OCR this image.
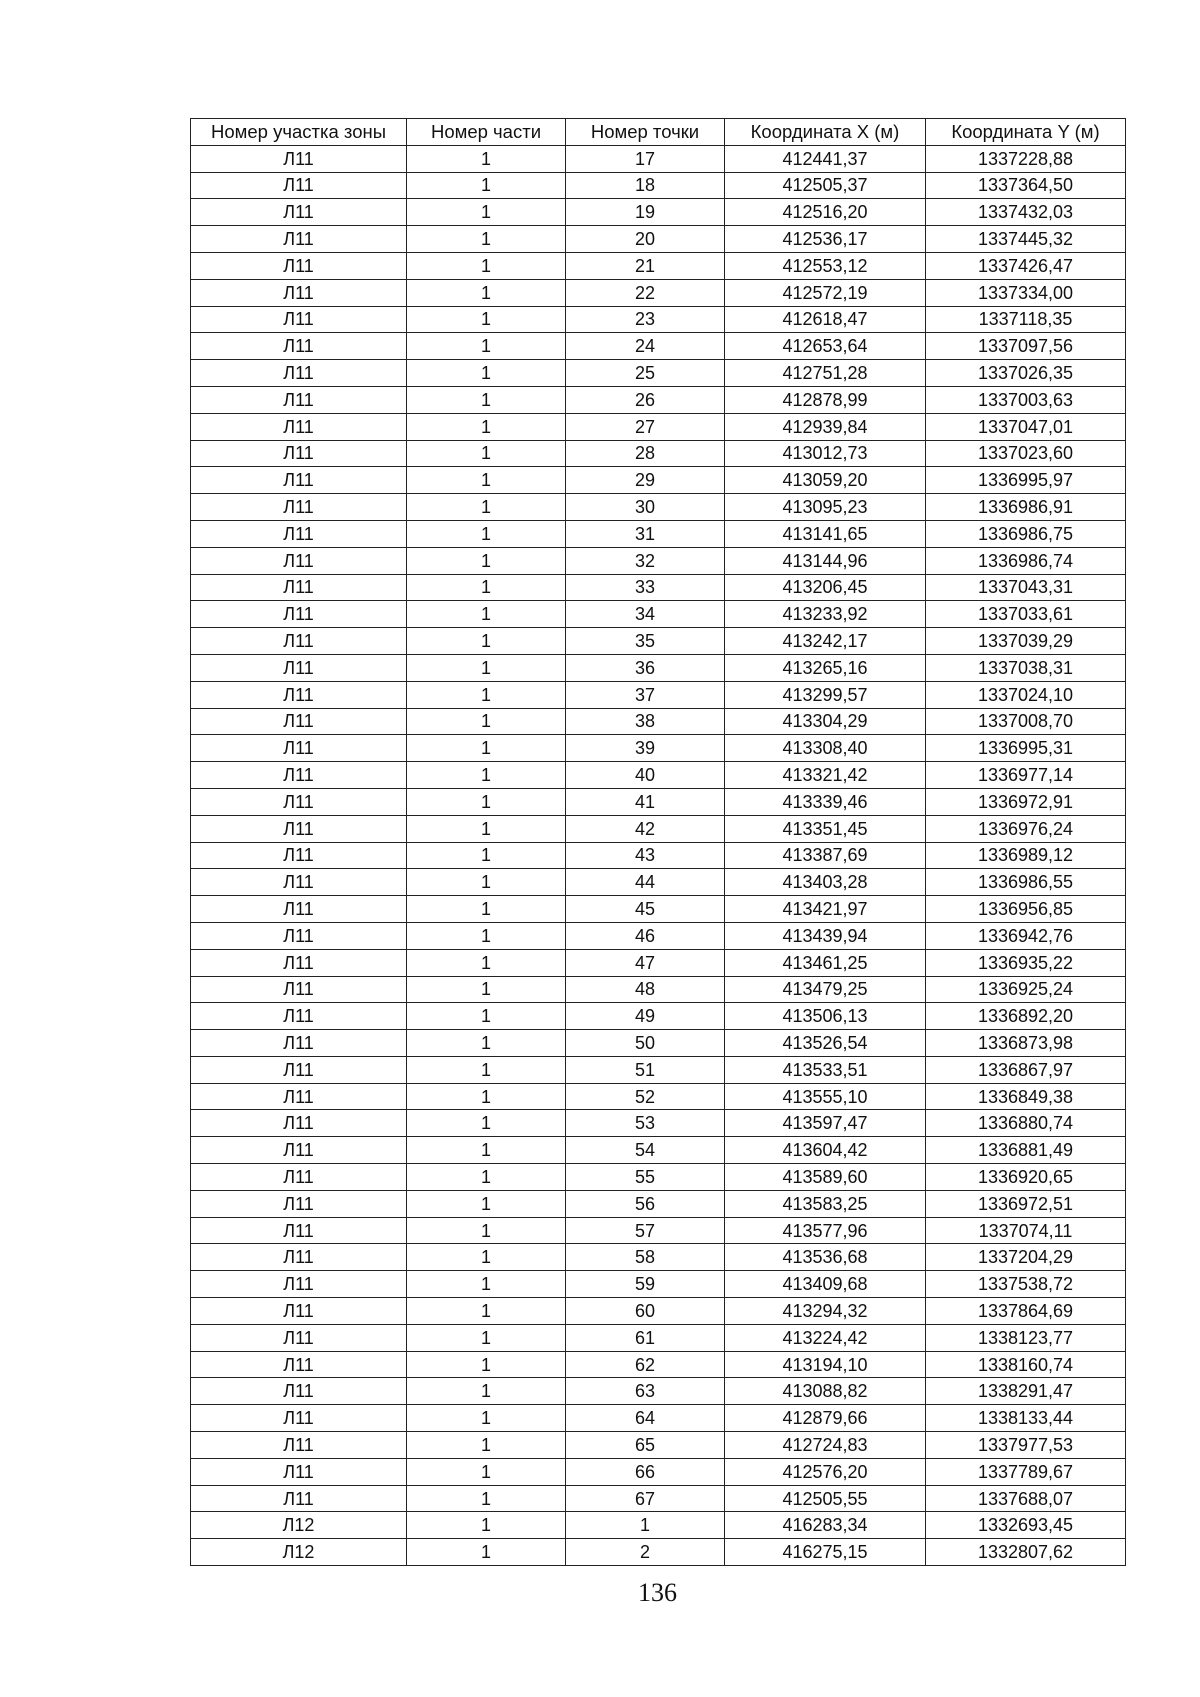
Номер участка зоны	Номер части	Номер точки	Координата X (м)	Координата Y (м)
Л11	1	17	412441,37	1337228,88
Л11	1	18	412505,37	1337364,50
Л11	1	19	412516,20	1337432,03
Л11	1	20	412536,17	1337445,32
Л11	1	21	412553,12	1337426,47
Л11	1	22	412572,19	1337334,00
Л11	1	23	412618,47	1337118,35
Л11	1	24	412653,64	1337097,56
Л11	1	25	412751,28	1337026,35
Л11	1	26	412878,99	1337003,63
Л11	1	27	412939,84	1337047,01
Л11	1	28	413012,73	1337023,60
Л11	1	29	413059,20	1336995,97
Л11	1	30	413095,23	1336986,91
Л11	1	31	413141,65	1336986,75
Л11	1	32	413144,96	1336986,74
Л11	1	33	413206,45	1337043,31
Л11	1	34	413233,92	1337033,61
Л11	1	35	413242,17	1337039,29
Л11	1	36	413265,16	1337038,31
Л11	1	37	413299,57	1337024,10
Л11	1	38	413304,29	1337008,70
Л11	1	39	413308,40	1336995,31
Л11	1	40	413321,42	1336977,14
Л11	1	41	413339,46	1336972,91
Л11	1	42	413351,45	1336976,24
Л11	1	43	413387,69	1336989,12
Л11	1	44	413403,28	1336986,55
Л11	1	45	413421,97	1336956,85
Л11	1	46	413439,94	1336942,76
Л11	1	47	413461,25	1336935,22
Л11	1	48	413479,25	1336925,24
Л11	1	49	413506,13	1336892,20
Л11	1	50	413526,54	1336873,98
Л11	1	51	413533,51	1336867,97
Л11	1	52	413555,10	1336849,38
Л11	1	53	413597,47	1336880,74
Л11	1	54	413604,42	1336881,49
Л11	1	55	413589,60	1336920,65
Л11	1	56	413583,25	1336972,51
Л11	1	57	413577,96	1337074,11
Л11	1	58	413536,68	1337204,29
Л11	1	59	413409,68	1337538,72
Л11	1	60	413294,32	1337864,69
Л11	1	61	413224,42	1338123,77
Л11	1	62	413194,10	1338160,74
Л11	1	63	413088,82	1338291,47
Л11	1	64	412879,66	1338133,44
Л11	1	65	412724,83	1337977,53
Л11	1	66	412576,20	1337789,67
Л11	1	67	412505,55	1337688,07
Л12	1	1	416283,34	1332693,45
Л12	1	2	416275,15	1332807,62
136
